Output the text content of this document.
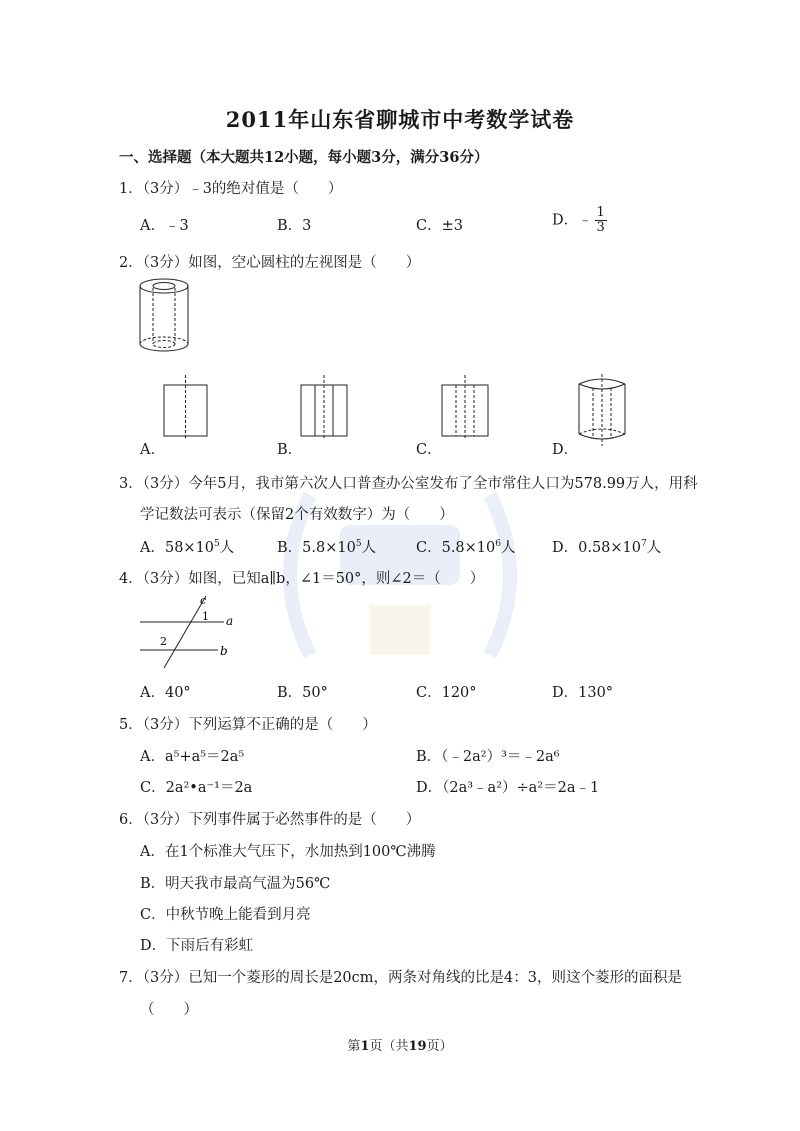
2011年山东省聊城市中考数学试卷
一、选择题（本大题共12小题，每小题3分，满分36分）
1．（3分）﹣3的绝对值是（　　）
A．﹣3	B．3	C．±3	D．﹣ $\frac{1}{3}$
2．（3分）如图，空心圆柱的左视图是（　　）
A．	B．	C．	D．
3．（3分）今年5月，我市第六次人口普查办公室发布了全市常住人口为578.99万人，用科
学记数法可表示（保留2个有效数字）为（　　）
A．$58\times 10^5$人	B．$5.8\times 10^5$人	C．$5.8\times 10^6$人	D．$0.58\times 10^7$人
4．（3分）如图，已知a∥b，∠1＝50°，则∠2＝（　　）
c
a
b
1
2
A．40°	B．50°	C．120°	D．130°
5．（3分）下列运算不正确的是（　　）
A．a⁵+a⁵＝2a⁵	B．（﹣2a²）³＝﹣2a⁶
C．2a²•a⁻¹＝2a	D．（2a³﹣a²）÷a²＝2a﹣1
6．（3分）下列事件属于必然事件的是（　　）
A．在1个标准大气压下，水加热到100℃沸腾
B．明天我市最高气温为56℃
C．中秋节晚上能看到月亮
D．下雨后有彩虹
7．（3分）已知一个菱形的周长是20cm，两条对角线的比是4：3，则这个菱形的面积是
（　　）
第1页（共19页）
